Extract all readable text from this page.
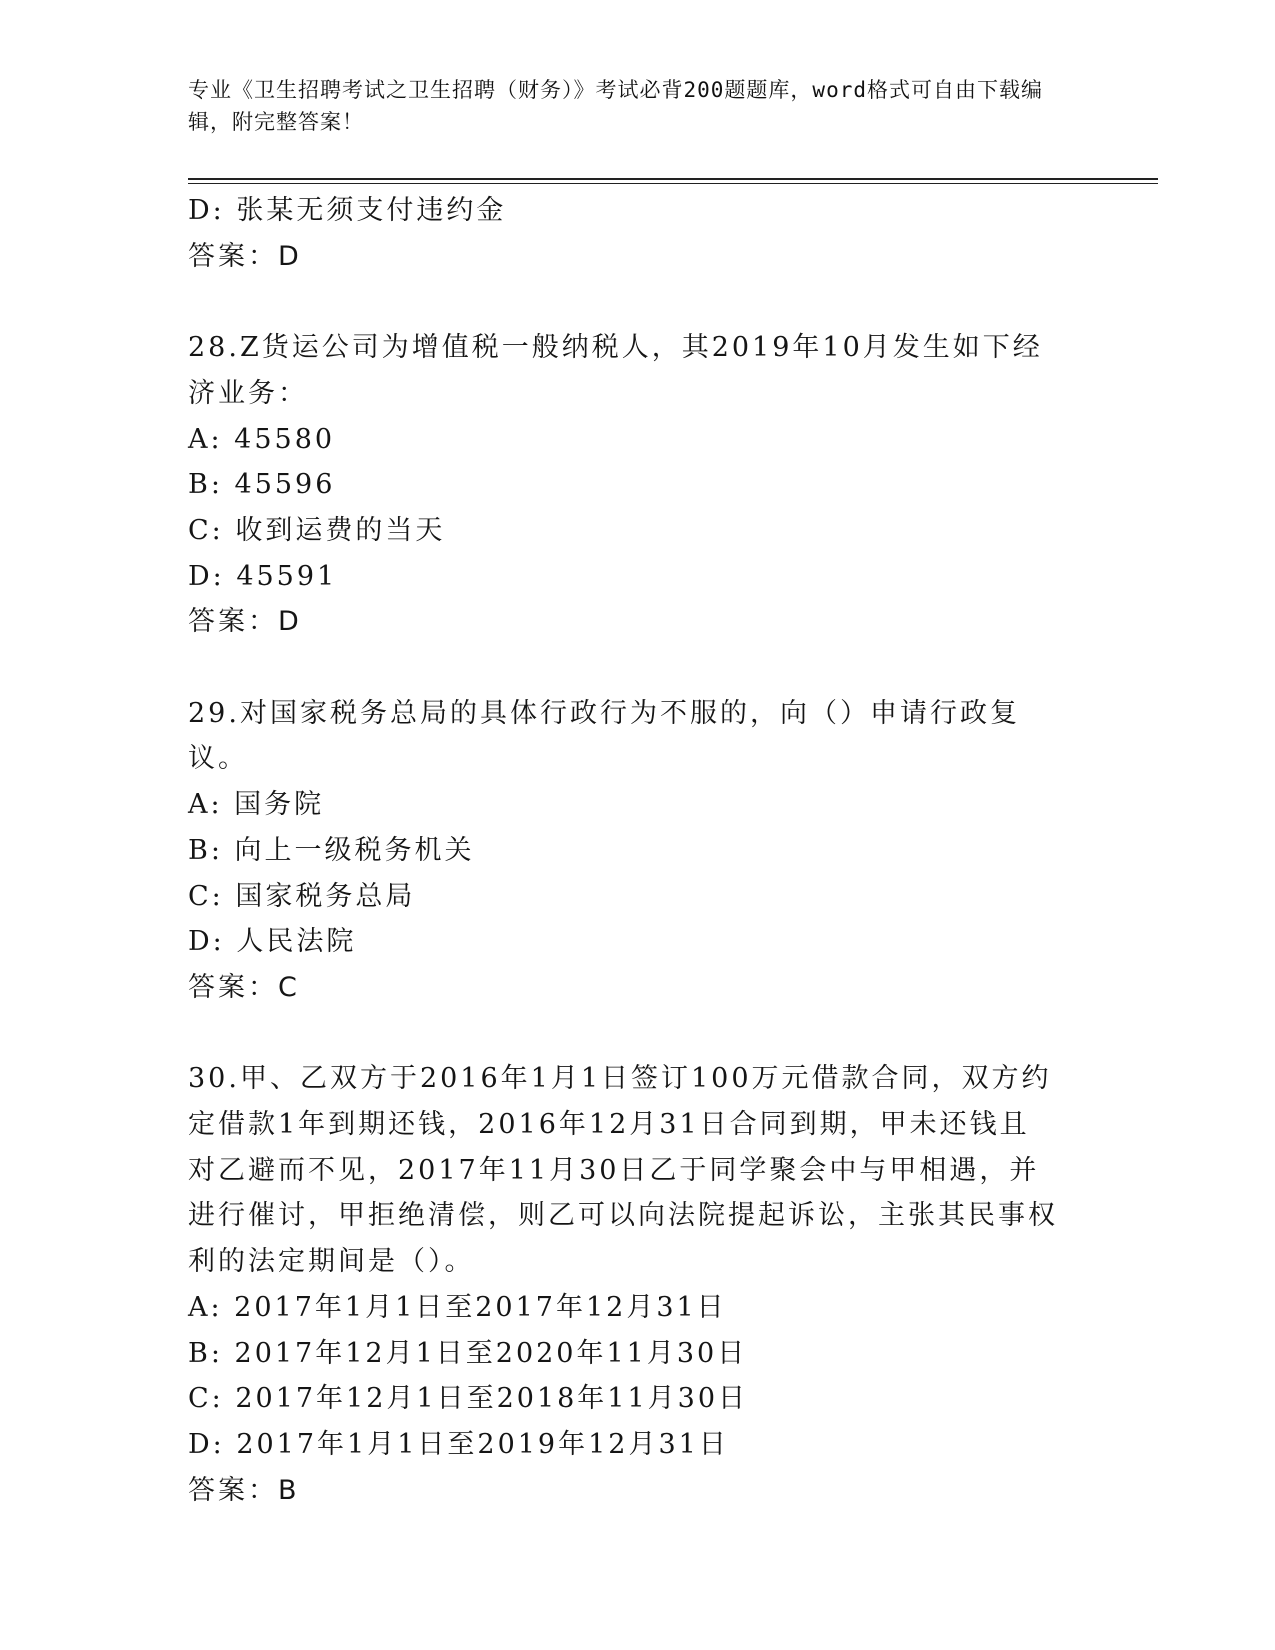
专业《卫生招聘考试之卫生招聘（财务）》考试必背200题题库，word格式可自由下载编辑，附完整答案！
D: 张某无须支付违约金
答案：D
28.Z货运公司为增值税一般纳税人，其2019年10月发生如下经济业务：
A: 45580
B: 45596
C: 收到运费的当天
D: 45591
答案：D
29.对国家税务总局的具体行政行为不服的，向（）申请行政复议。
A: 国务院
B: 向上一级税务机关
C: 国家税务总局
D: 人民法院
答案：C
30.甲、乙双方于2016年1月1日签订100万元借款合同，双方约定借款1年到期还钱，2016年12月31日合同到期，甲未还钱且对乙避而不见，2017年11月30日乙于同学聚会中与甲相遇，并进行催讨，甲拒绝清偿，则乙可以向法院提起诉讼，主张其民事权利的法定期间是（）。
A: 2017年1月1日至2017年12月31日
B: 2017年12月1日至2020年11月30日
C: 2017年12月1日至2018年11月30日
D: 2017年1月1日至2019年12月31日
答案：B
